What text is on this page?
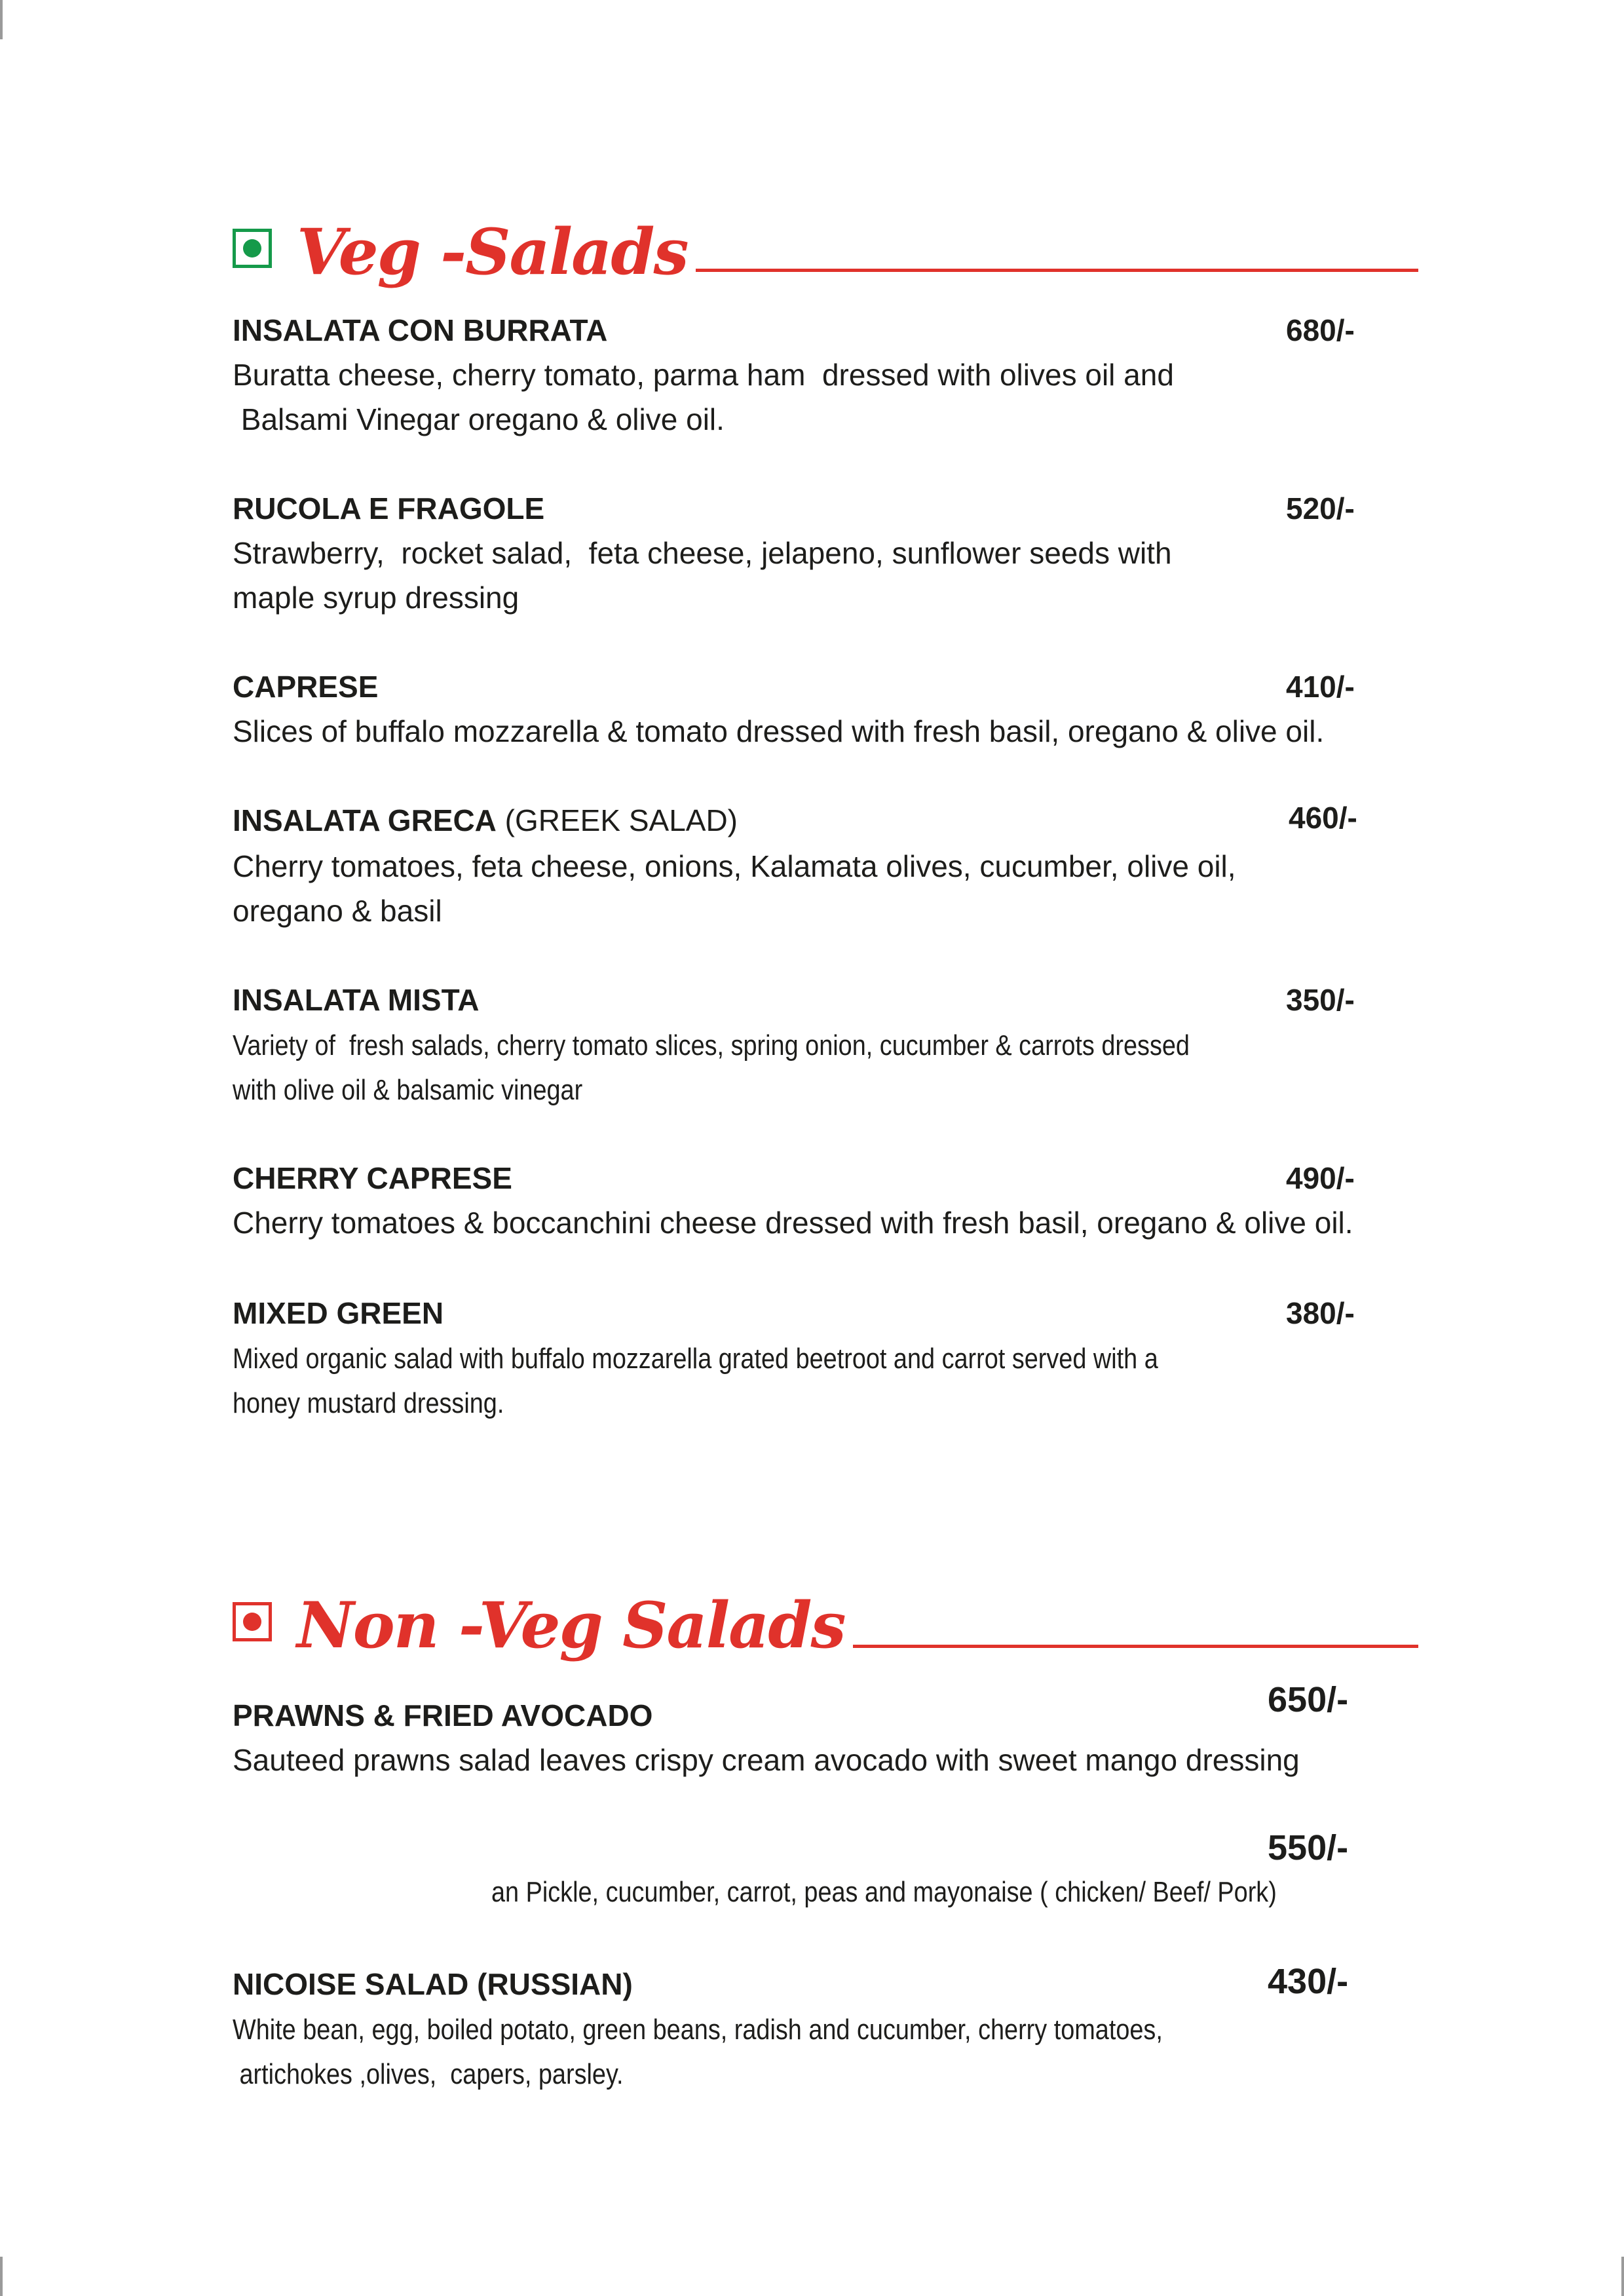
Veg -Salads
INSALATA CON BURRATA	680/-
Buratta cheese, cherry tomato, parma ham  dressed with olives oil and
Balsami Vinegar oregano & olive oil.
RUCOLA E FRAGOLE	520/-
Strawberry,  rocket salad,  feta cheese, jelapeno, sunflower seeds with
maple syrup dressing
CAPRESE	410/-
Slices of buffalo mozzarella & tomato dressed with fresh basil, oregano & olive oil.
INSALATA GRECA (GREEK SALAD)	460/-
Cherry tomatoes, feta cheese, onions, Kalamata olives, cucumber, olive oil,
oregano & basil
INSALATA MISTA	350/-
Variety of  fresh salads, cherry tomato slices, spring onion, cucumber & carrots dressed
with olive oil & balsamic vinegar
CHERRY CAPRESE	490/-
Cherry tomatoes & boccanchini cheese dressed with fresh basil, oregano & olive oil.
MIXED GREEN	380/-
Mixed organic salad with buffalo mozzarella grated beetroot and carrot served with a
honey mustard dressing.
Non -Veg Salads
PRAWNS & FRIED AVOCADO	650/-
Sauteed prawns salad leaves crispy cream avocado with sweet mango dressing
550/-
an Pickle, cucumber, carrot, peas and mayonaise ( chicken/ Beef/ Pork)
NICOISE SALAD (RUSSIAN)	430/-
White bean, egg, boiled potato, green beans, radish and cucumber, cherry tomatoes,
artichokes ,olives,  capers, parsley.
